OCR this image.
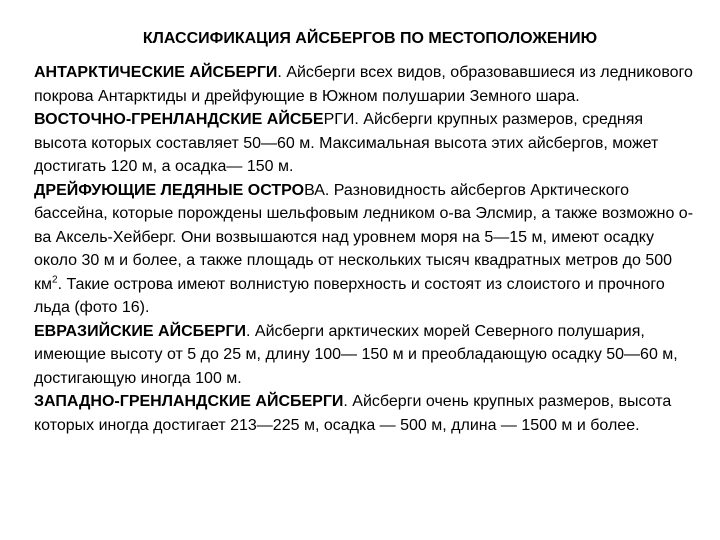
КЛАССИФИКАЦИЯ АЙСБЕРГОВ ПО МЕСТОПОЛОЖЕНИЮ

АНТАРКТИЧЕСКИЕ АЙСБЕРГИ. Айсберги всех видов, образовавшиеся из ледникового покрова Антарктиды и дрейфующие в Южном полушарии Земного шара.

ВОСТОЧНО-ГРЕНЛАНДСКИЕ АЙСБЕРГИ. Айсберги крупных размеров, средняя высота которых составляет 50—60 м. Максимальная высота этих айсбергов, может достигать 120 м, а осадка— 150 м.

ДРЕЙФУЮЩИЕ ЛЕДЯНЫЕ ОСТРОВА. Разновидность айсбергов Арктического бассейна, которые порождены шельфовым ледником о-ва Элсмир, а также возможно о-ва Аксель-Хейберг. Они возвышаются над уровнем моря на 5—15 м, имеют осадку около 30 м и более, а также площадь от нескольких тысяч квадратных метров до 500 $км^2$. Такие острова имеют волнистую поверхность и состоят из слоистого и прочного льда (фото 16).

ЕВРАЗИЙСКИЕ АЙСБЕРГИ. Айсберги арктических морей Северного полушария, имеющие высоту от 5 до 25 м, длину 100— 150 м и преобладающую осадку 50—60 м, достигающую иногда 100 м.

ЗАПАДНО-ГРЕНЛАНДСКИЕ АЙСБЕРГИ. Айсберги очень крупных размеров, высота которых иногда достигает 213—225 м, осадка — 500 м, длина — 1500 м и более.
